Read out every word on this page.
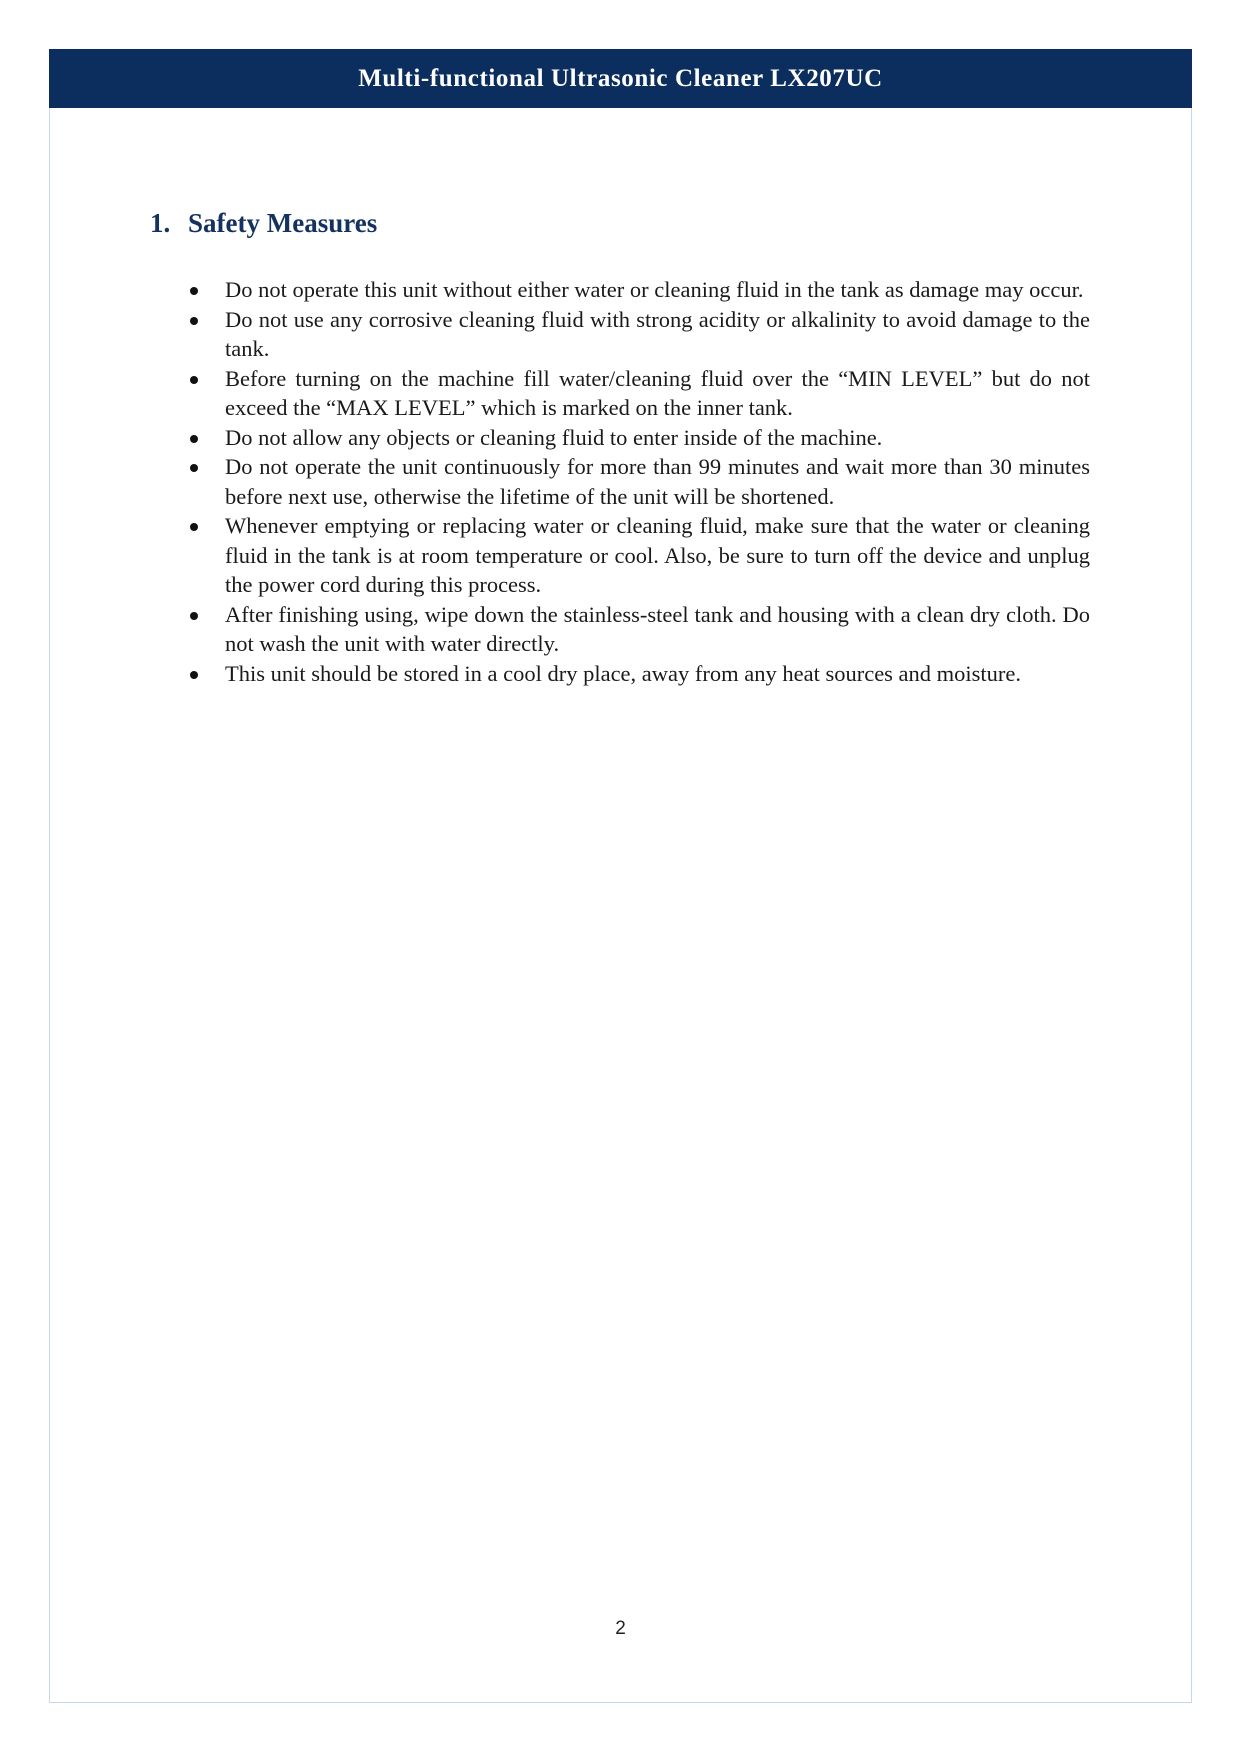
Multi-functional Ultrasonic Cleaner LX207UC
1. Safety Measures
Do not operate this unit without either water or cleaning fluid in the tank as damage may occur.
Do not use any corrosive cleaning fluid with strong acidity or alkalinity to avoid damage to the tank.
Before turning on the machine fill water/cleaning fluid over the “MIN LEVEL” but do not exceed the “MAX LEVEL” which is marked on the inner tank.
Do not allow any objects or cleaning fluid to enter inside of the machine.
Do not operate the unit continuously for more than 99 minutes and wait more than 30 minutes before next use, otherwise the lifetime of the unit will be shortened.
Whenever emptying or replacing water or cleaning fluid, make sure that the water or cleaning fluid in the tank is at room temperature or cool. Also, be sure to turn off the device and unplug the power cord during this process.
After finishing using, wipe down the stainless-steel tank and housing with a clean dry cloth. Do not wash the unit with water directly.
This unit should be stored in a cool dry place, away from any heat sources and moisture.
2
